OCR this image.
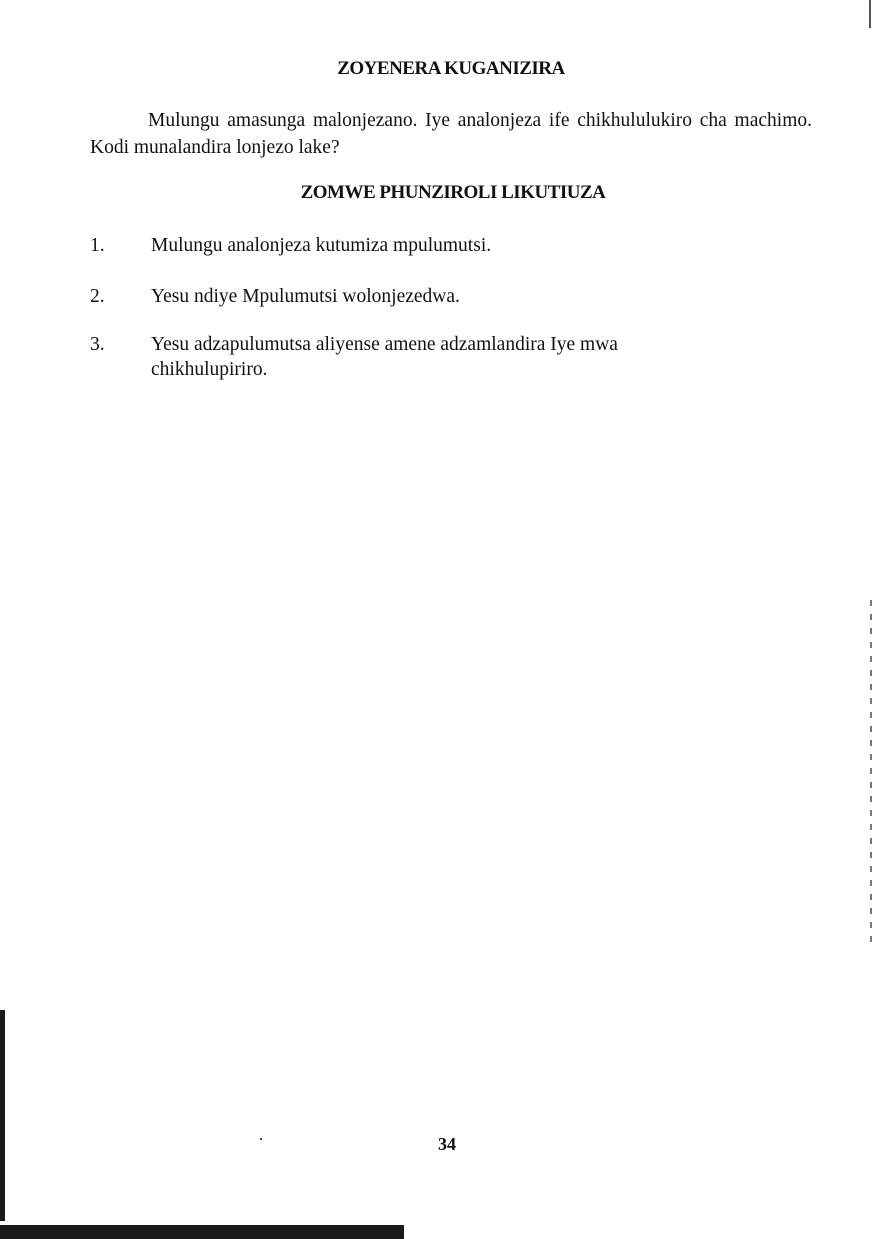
ZOYENERA KUGANIZIRA

Mulungu amasunga malonjezano. Iye analonjeza ife chikhululukiro cha machimo. Kodi munalandira lonjezo lake?

ZOMWE PHUNZIROLI LIKUTIUZA
1.	Mulungu analonjeza kutumiza mpulumutsi.
2.	Yesu ndiye Mpulumutsi wolonjezedwa.
3.	Yesu adzapulumutsa aliyense amene adzamlandira Iye mwa chikhulupiriro.
34
